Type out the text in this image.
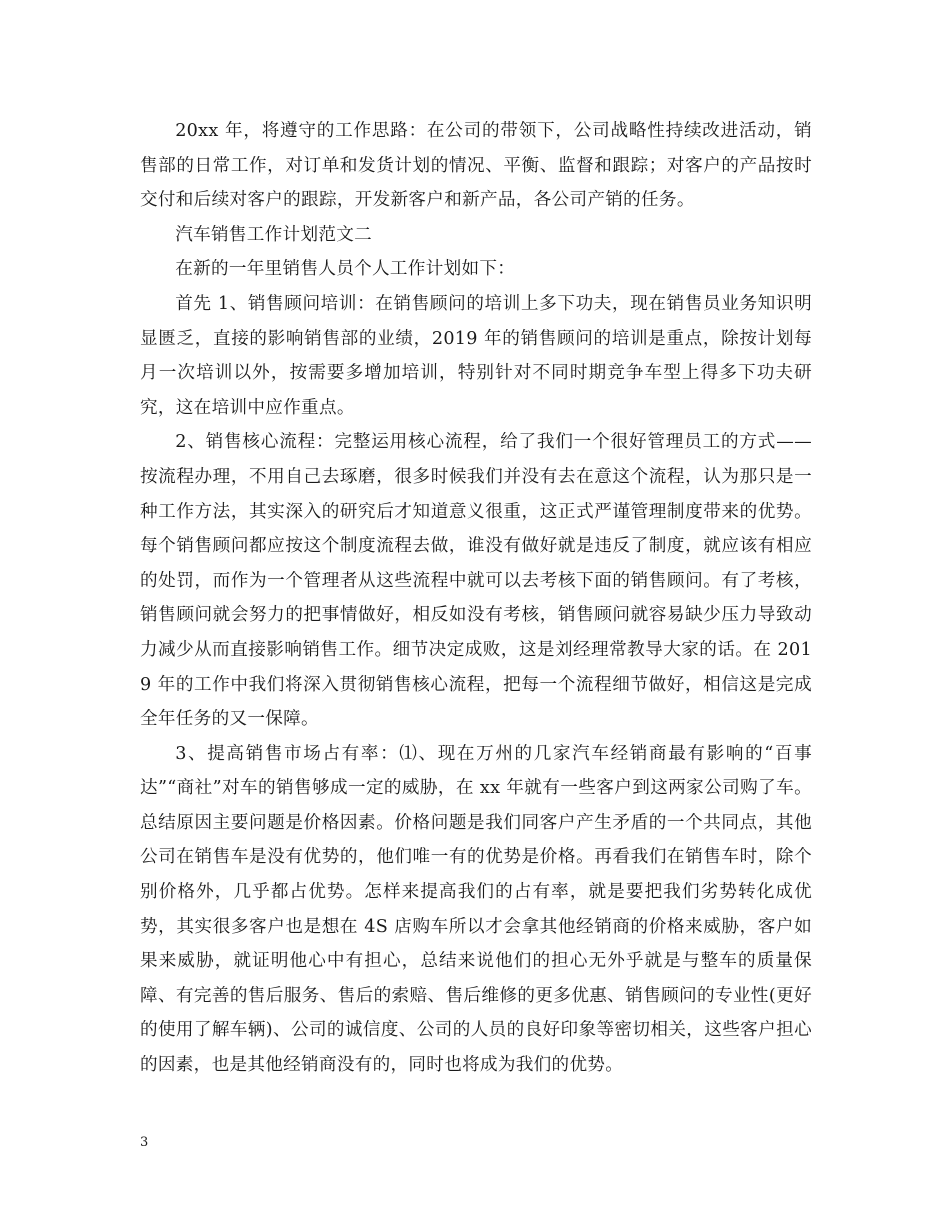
20xx 年，将遵守的工作思路：在公司的带领下，公司战略性持续改进活动，销售部的日常工作，对订单和发货计划的情况、平衡、监督和跟踪；对客户的产品按时交付和后续对客户的跟踪，开发新客户和新产品，各公司产销的任务。

汽车销售工作计划范文二

在新的一年里销售人员个人工作计划如下：

首先 1、销售顾问培训：在销售顾问的培训上多下功夫，现在销售员业务知识明显匮乏，直接的影响销售部的业绩，2019 年的销售顾问的培训是重点，除按计划每月一次培训以外，按需要多增加培训，特别针对不同时期竞争车型上得多下功夫研究，这在培训中应作重点。

2、销售核心流程：完整运用核心流程，给了我们一个很好管理员工的方式——按流程办理，不用自己去琢磨，很多时候我们并没有去在意这个流程，认为那只是一种工作方法，其实深入的研究后才知道意义很重，这正式严谨管理制度带来的优势。每个销售顾问都应按这个制度流程去做，谁没有做好就是违反了制度，就应该有相应的处罚，而作为一个管理者从这些流程中就可以去考核下面的销售顾问。有了考核，销售顾问就会努力的把事情做好，相反如没有考核，销售顾问就容易缺少压力导致动力减少从而直接影响销售工作。细节决定成败，这是刘经理常教导大家的话。在 2019 年的工作中我们将深入贯彻销售核心流程，把每一个流程细节做好，相信这是完成全年任务的又一保障。

3、提高销售市场占有率：⑴、现在万州的几家汽车经销商最有影响的“百事达”“商社”对车的销售够成一定的威胁，在 xx 年就有一些客户到这两家公司购了车。总结原因主要问题是价格因素。价格问题是我们同客户产生矛盾的一个共同点，其他公司在销售车是没有优势的，他们唯一有的优势是价格。再看我们在销售车时，除个别价格外，几乎都占优势。怎样来提高我们的占有率，就是要把我们劣势转化成优势，其实很多客户也是想在 4S 店购车所以才会拿其他经销商的价格来威胁，客户如果来威胁，就证明他心中有担心，总结来说他们的担心无外乎就是与整车的质量保障、有完善的售后服务、售后的索赔、售后维修的更多优惠、销售顾问的专业性(更好的使用了解车辆)、公司的诚信度、公司的人员的良好印象等密切相关，这些客户担心的因素，也是其他经销商没有的，同时也将成为我们的优势。

3
